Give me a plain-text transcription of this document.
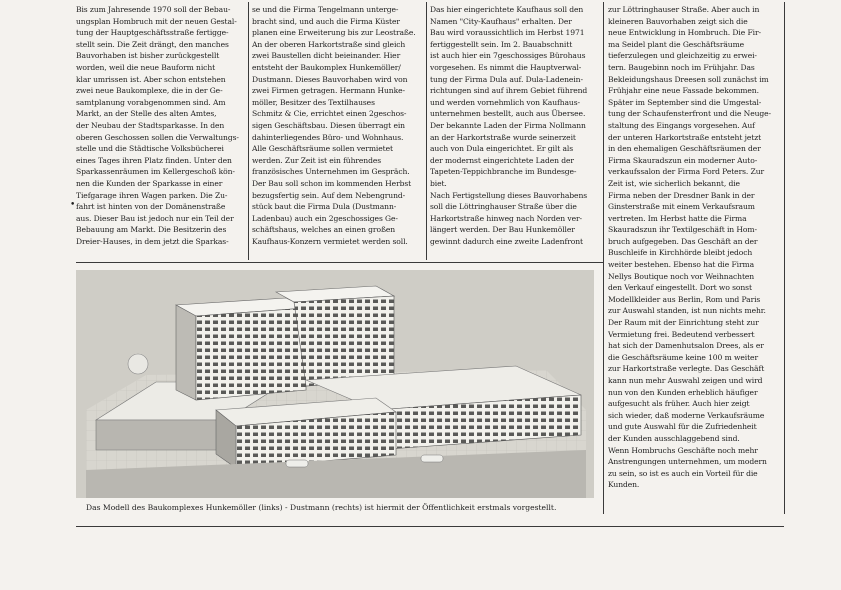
Bis zum Jahresende 1970 soll der Bebau-

ungsplan Hombruch mit der neuen Gestal-

tung der Hauptgeschäftsstraße fertigge-

stellt sein. Die Zeit drängt, den manches

Bauvorhaben ist bisher zurückgestellt

worden, weil die neue Bauform nicht

klar umrissen ist. Aber schon entstehen

zwei neue Baukomplexe, die in der Ge-

samtplanung vorabgenommen sind. Am

Markt, an der Stelle des alten Amtes,

der Neubau der Stadtsparkasse. In den

oberen Geschossen sollen die Verwaltungs-

stelle und die Städtische Volksbücherei

eines Tages ihren Platz finden. Unter den

Sparkassenräumen im Kellergeschoß kön-

nen die Kunden der Sparkasse in einer

Tiefgarage ihren Wagen parken. Die Zu-

fahrt ist hinten von der Domänenstraße

aus. Dieser Bau ist jedoch nur ein Teil der

Bebauung am Markt. Die Besitzerin des

Dreier-Hauses, in dem jetzt die Sparkas-

se und die Firma Tengelmann unterge-

bracht sind, und auch die Firma Küster

planen eine Erweiterung bis zur Leostraße.

An der oberen Harkortstraße sind gleich

zwei Baustellen dicht beieinander. Hier

entsteht der Baukomplex Hunkemöller/

Dustmann. Dieses Bauvorhaben wird von

zwei Firmen getragen. Hermann Hunke-

möller, Besitzer des Textilhauses

Schmitz & Cie, errichtet einen 2geschos-

sigen Geschäftsbau. Diesen überragt ein

dahinterliegendes Büro- und Wohnhaus.

Alle Geschäftsräume sollen vermietet

werden. Zur Zeit ist ein führendes

französisches Unternehmen im Gespräch.

Der Bau soll schon im kommenden Herbst

bezugsfertig sein. Auf dem Nebengrund-

stück baut die Firma Dula (Dustmann-

Ladenbau) auch ein 2geschossiges Ge-

schäftshaus, welches an einen großen

Kaufhaus-Konzern vermietet werden soll.

Das hier eingerichtete Kaufhaus soll den

Namen "City-Kaufhaus" erhalten. Der

Bau wird voraussichtlich im Herbst 1971

fertiggestellt sein. Im 2. Bauabschnitt

ist auch hier ein 7geschossiges Bürohaus

vorgesehen. Es nimmt die Hauptverwal-

tung der Firma Dula auf. Dula-Ladenein-

richtungen sind auf ihrem Gebiet führend

und werden vornehmlich von Kaufhaus-

unternehmen bestellt, auch aus Übersee.

Der bekannte Laden der Firma Nollmann

an der Harkortstraße wurde seinerzeit

auch von Dula eingerichtet. Er gilt als

der modernst eingerichtete Laden der

Tapeten-Teppichbranche im Bundesge-

biet.

Nach Fertigstellung dieses Bauvorhabens

soll die Löttringhauser Straße über die

Harkortstraße hinweg nach Norden ver-

längert werden. Der Bau Hunkemöller

gewinnt dadurch eine zweite Ladenfront

zur Löttringhauser Straße. Aber auch in

kleineren Bauvorhaben zeigt sich die

neue Entwicklung in Hombruch. Die Fir-

ma Seidel plant die Geschäftsräume

tieferzulegen und gleichzeitig zu erwei-

tern. Baugebinn noch im Frühjahr. Das

Bekleidungshaus Dreesen soll zunächst im

Frühjahr eine neue Fassade bekommen.

Später im September sind die Umgestal-

tung der Schaufensterfront und die Neuge-

staltung des Eingangs vorgesehen. Auf

der unteren Harkortstraße entsteht jetzt

in den ehemaligen Geschäftsräumen der

Firma Skauradszun ein moderner Auto-

verkaufssalon der Firma Ford Peters. Zur

Zeit ist, wie sicherlich bekannt, die

Firma neben der Dresdner Bank in der

Ginsterstraße mit einem Verkaufsraum

vertreten. Im Herbst hatte die Firma

Skauradszun ihr Textilgeschäft in Hom-

bruch aufgegeben. Das Geschäft an der

Buschleife in Kirchhörde bleibt jedoch

weiter bestehen. Ebenso hat die Firma

Nellys Boutique noch vor Weihnachten

den Verkauf eingestellt. Dort wo sonst

Modellkleider aus Berlin, Rom und Paris

zur Auswahl standen, ist nun nichts mehr.

Der Raum mit der Einrichtung steht zur

Vermietung frei. Bedeutend verbessert

hat sich der Damenhutsalon Drees, als er

die Geschäftsräume keine 100 m weiter

zur Harkortstraße verlegte. Das Geschäft

kann nun mehr Auswahl zeigen und wird

nun von den Kunden erheblich häufiger

aufgesucht als früher. Auch hier zeigt

sich wieder, daß moderne Verkaufsräume

und gute Auswahl für die Zufriedenheit

der Kunden ausschlaggebend sind.

Wenn Hombruchs Geschäfte noch mehr

Anstrengungen unternehmen, um modern

zu sein, so ist es auch ein Vorteil für die

Kunden.

•
Das Modell des Baukomplexes Hunkemöller (links) - Dustmann (rechts) ist hiermit der Öffentlichkeit erstmals vorgestellt.
